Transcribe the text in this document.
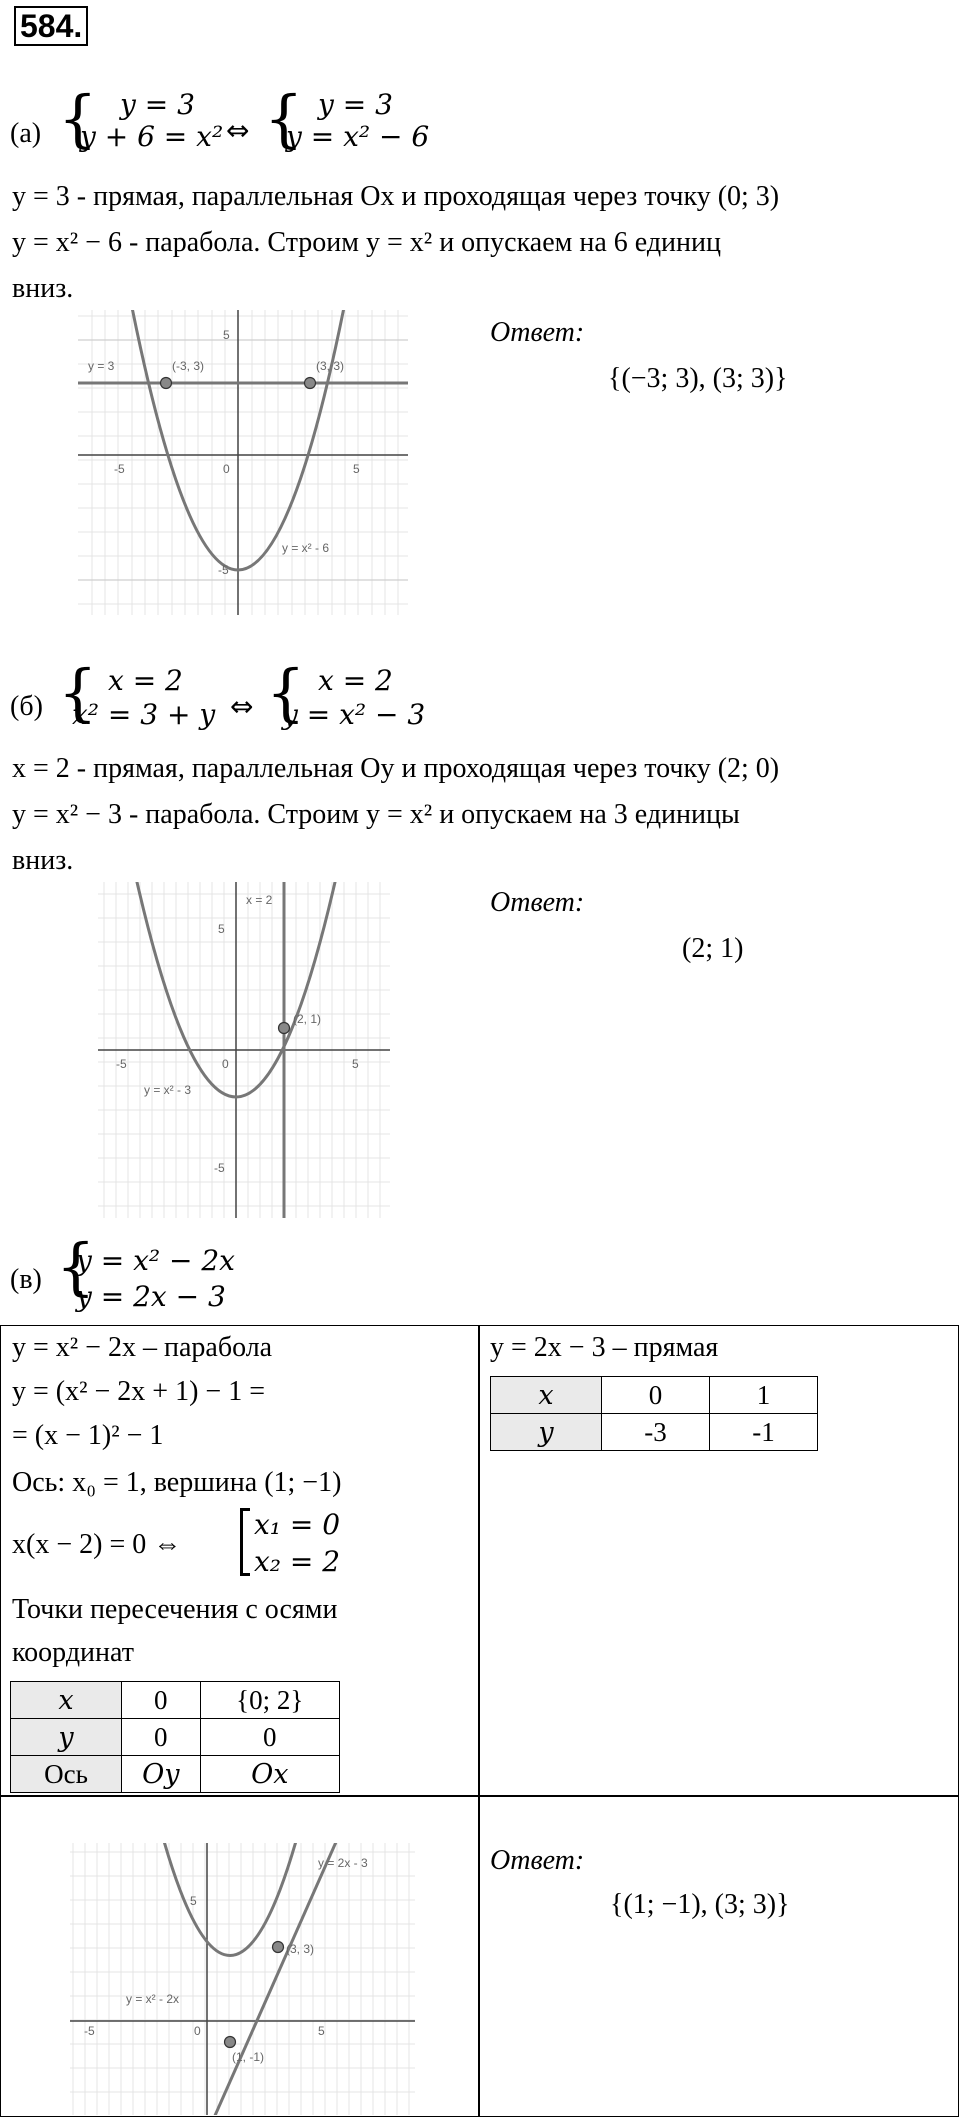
584.
(а) { y = 3
y + 6 = x² ⇔ { y = 3
y = x² − 6
y = 3 - прямая, параллельная Ox и проходящая через точку (0; 3)
y = x² − 6 - парабола. Строим y = x² и опускаем на 6 единиц
вниз.
Ответ:
{(−3; 3), (3; 3)}
y = 3	(-3, 3)	(3, 3)
y = x² - 6
-5	0	5
5
-5
(б) { x = 2
x² = 3 + y ⇔ { x = 2
y = x² − 3
x = 2 - прямая, параллельная Oy и проходящая через точку (2; 0)
y = x² − 3 - парабола. Строим y = x² и опускаем на 3 единицы
вниз.
Ответ:
(2; 1)
x = 2
(2, 1)
y = x² - 3
-5	0	5
5
-5
(в) {
y = x² − 2x
y = 2x − 3
y = x² − 2x – парабола
y = (x² − 2x + 1) − 1 =
= (x − 1)² − 1
Ось: x₀ = 1, вершина (1; −1)
x(x − 2) = 0 ⇔
x₁ = 0
x₂ = 2
Точки пересечения с осями
координат
x	0	{0; 2}
y	0	0
Ось	Oy	Ox
y = 2x − 3 – прямая
x	0	1
y	-3	-1
Ответ:
{(1; −1), (3; 3)}
y = 2x - 3
(3, 3)
y = x² - 2x
(1, -1)
-5	0	5
5
